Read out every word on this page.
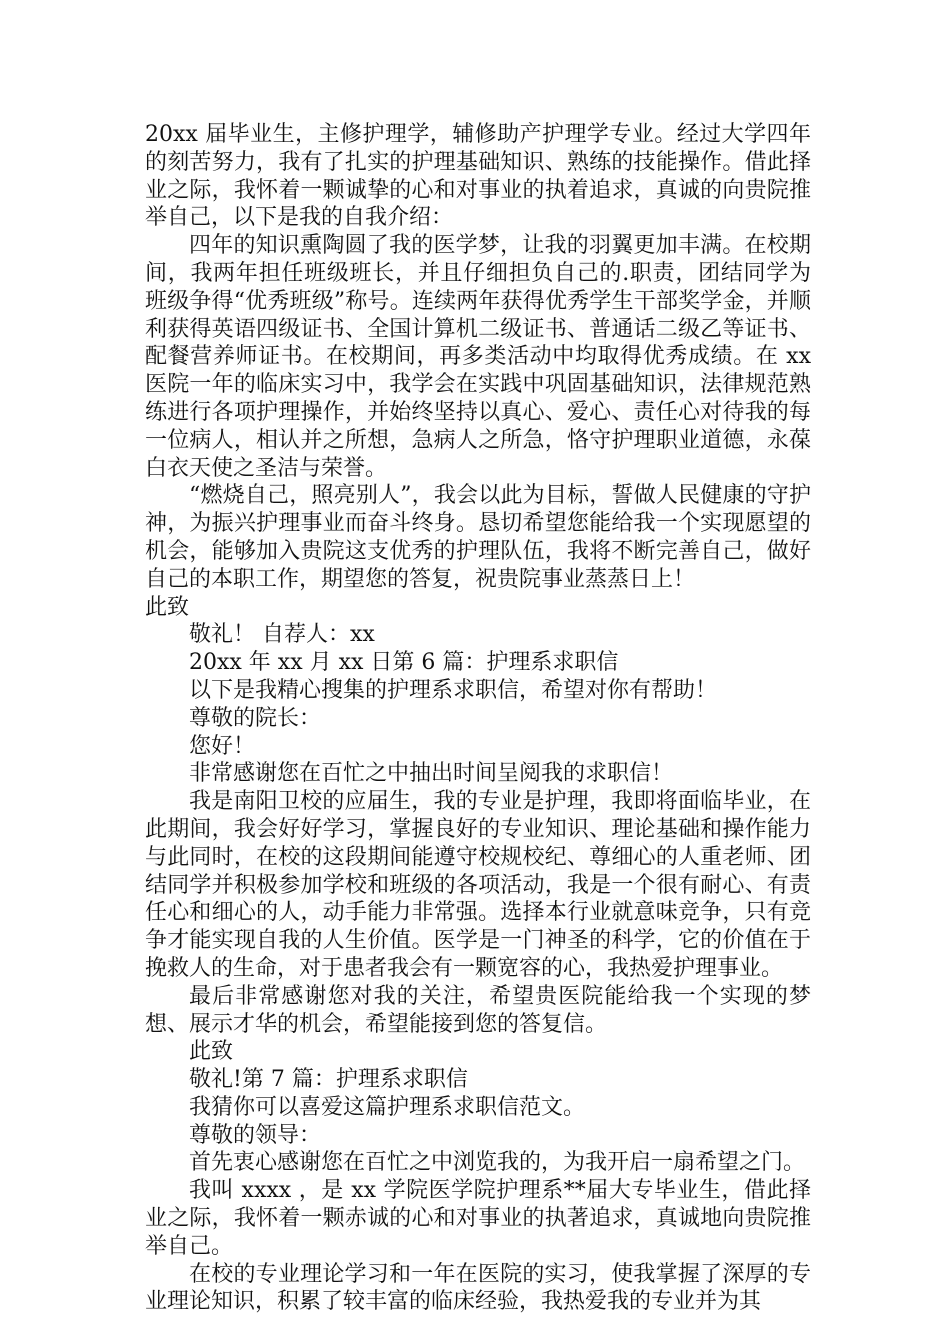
20xx 届毕业生，主修护理学，辅修助产护理学专业。经过大学四年的刻苦努力，我有了扎实的护理基础知识、熟练的技能操作。借此择业之际，我怀着一颗诚挚的心和对事业的执着追求，真诚的向贵院推举自己，以下是我的自我介绍：

四年的知识熏陶圆了我的医学梦，让我的羽翼更加丰满。在校期间，我两年担任班级班长，并且仔细担负自己的.职责，团结同学为班级争得“优秀班级”称号。连续两年获得优秀学生干部奖学金，并顺利获得英语四级证书、全国计算机二级证书、普通话二级乙等证书、配餐营养师证书。在校期间，再多类活动中均取得优秀成绩。在 xx 医院一年的临床实习中，我学会在实践中巩固基础知识，法律规范熟练进行各项护理操作，并始终坚持以真心、爱心、责任心对待我的每一位病人，相认并之所想，急病人之所急，恪守护理职业道德，永葆白衣天使之圣洁与荣誉。

“燃烧自己，照亮别人”，我会以此为目标，誓做人民健康的守护神，为振兴护理事业而奋斗终身。恳切希望您能给我一个实现愿望的机会，能够加入贵院这支优秀的护理队伍，我将不断完善自己，做好自己的本职工作，期望您的答复，祝贵院事业蒸蒸日上！

此致

敬礼！ 自荐人：xx

20xx 年 xx 月 xx 日第 6 篇：护理系求职信

以下是我精心搜集的护理系求职信，希望对你有帮助！

尊敬的院长：

您好！

非常感谢您在百忙之中抽出时间呈阅我的求职信！

我是南阳卫校的应届生，我的专业是护理，我即将面临毕业，在此期间，我会好好学习，掌握良好的专业知识、理论基础和操作能力与此同时，在校的这段期间能遵守校规校纪、尊细心的人重老师、团结同学并积极参加学校和班级的各项活动，我是一个很有耐心、有责任心和细心的人，动手能力非常强。选择本行业就意味竞争，只有竞争才能实现自我的人生价值。医学是一门神圣的科学，它的价值在于挽救人的生命，对于患者我会有一颗宽容的心，我热爱护理事业。

最后非常感谢您对我的关注，希望贵医院能给我一个实现的梦想、展示才华的机会，希望能接到您的答复信。

此致

敬礼!第 7 篇：护理系求职信

我猜你可以喜爱这篇护理系求职信范文。

尊敬的领导：

首先衷心感谢您在百忙之中浏览我的，为我开启一扇希望之门。

我叫 xxxx ，是 xx 学院医学院护理系**届大专毕业生，借此择业之际，我怀着一颗赤诚的心和对事业的执著追求，真诚地向贵院推举自己。

在校的专业理论学习和一年在医院的实习，使我掌握了深厚的专业理论知识，积累了较丰富的临床经验，我热爱我的专业并为其
